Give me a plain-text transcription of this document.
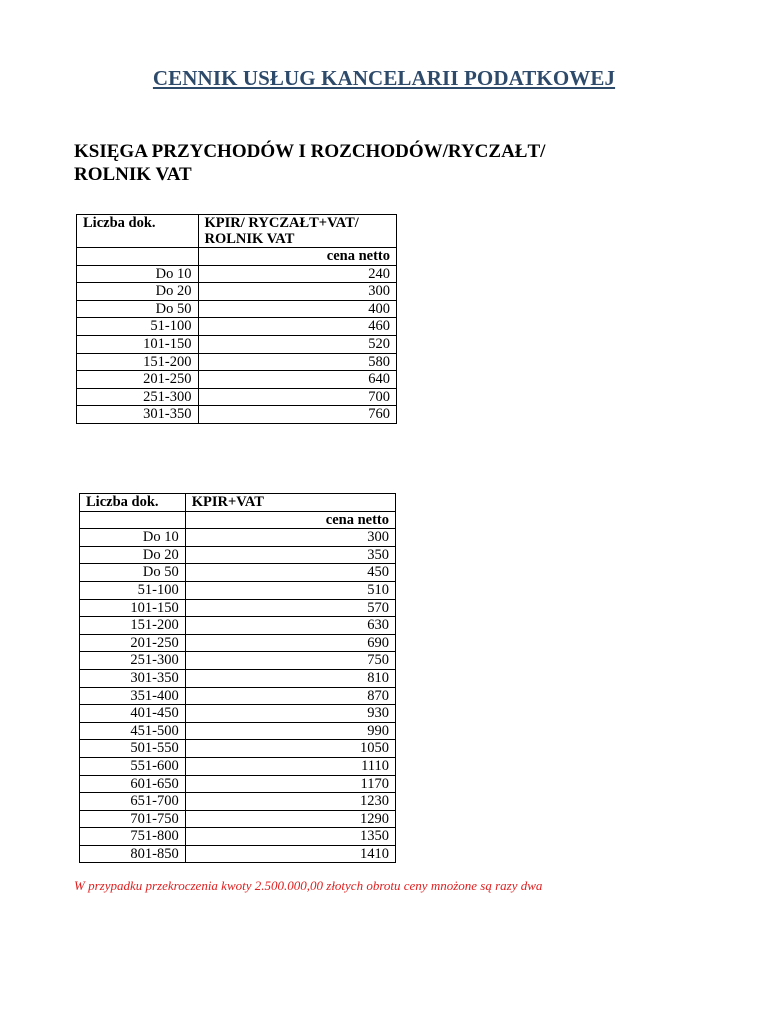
CENNIK USŁUG KANCELARII PODATKOWEJ
KSIĘGA PRZYCHODÓW I ROZCHODÓW/RYCZAŁT/
ROLNIK VAT
Liczba dok.	KPIR/ RYCZAŁT+VAT/
ROLNIK VAT

	cena netto
Do 10	240
Do 20	300
Do 50	400
51-100	460
101-150	520
151-200	580
201-250	640
251-300	700
301-350	760
Liczba dok.	KPIR+VAT
	cena netto
Do 10	300
Do 20	350
Do 50	450
51-100	510
101-150	570
151-200	630
201-250	690
251-300	750
301-350	810
351-400	870
401-450	930
451-500	990
501-550	1050
551-600	1110
601-650	1170
651-700	1230
701-750	1290
751-800	1350
801-850	1410
W przypadku przekroczenia kwoty 2.500.000,00 złotych obrotu ceny mnożone są razy dwa
